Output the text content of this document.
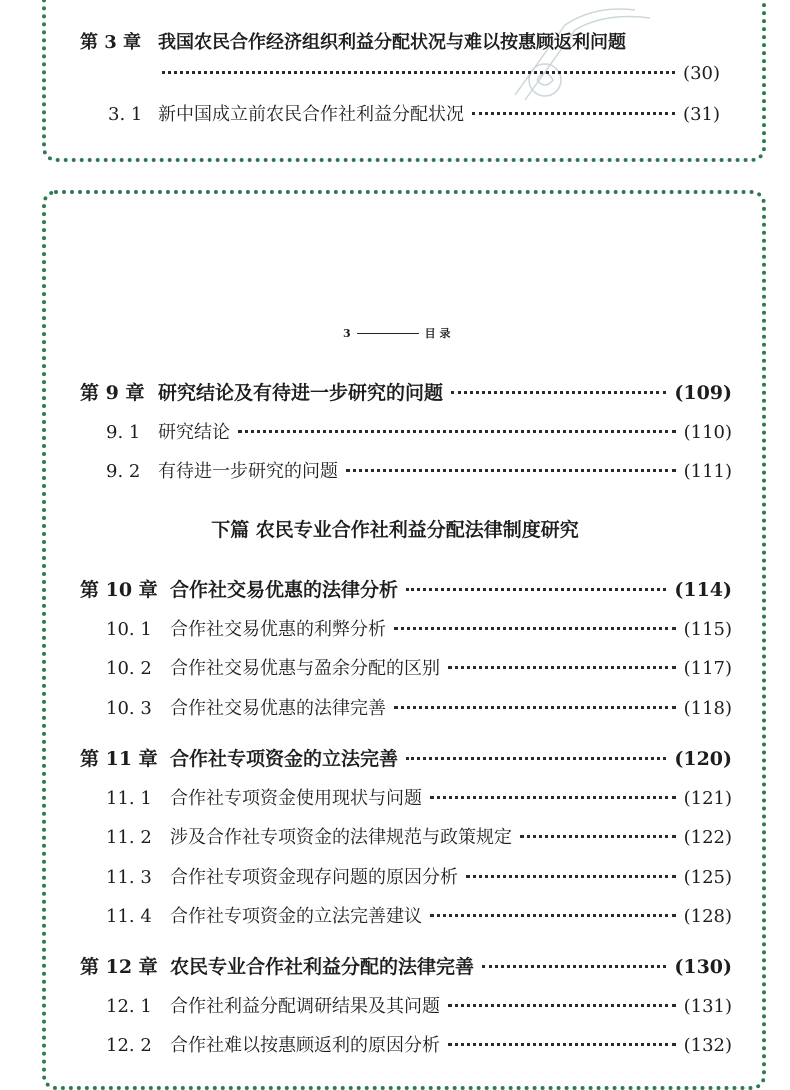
第 3 章 我国农民合作经济组织利益分配状况与难以按惠顾返利问题
(30)
3. 1 新中国成立前农民合作社利益分配状况	(31)
3	目 录
第 9 章 研究结论及有待进一步研究的问题	(109)
9. 1 研究结论	(110)
9. 2 有待进一步研究的问题	(111)
下篇 农民专业合作社利益分配法律制度研究
第 10 章 合作社交易优惠的法律分析	(114)
10. 1	合作社交易优惠的利弊分析	(115)
10. 2	合作社交易优惠与盈余分配的区别	(117)
10. 3	合作社交易优惠的法律完善	(118)
第 11 章 合作社专项资金的立法完善	(120)
11. 1	合作社专项资金使用现状与问题	(121)
11. 2	涉及合作社专项资金的法律规范与政策规定	(122)
11. 3	合作社专项资金现存问题的原因分析	(125)
11. 4	合作社专项资金的立法完善建议	(128)
第 12 章 农民专业合作社利益分配的法律完善	(130)
12. 1	合作社利益分配调研结果及其问题	(131)
12. 2	合作社难以按惠顾返利的原因分析	(132)
